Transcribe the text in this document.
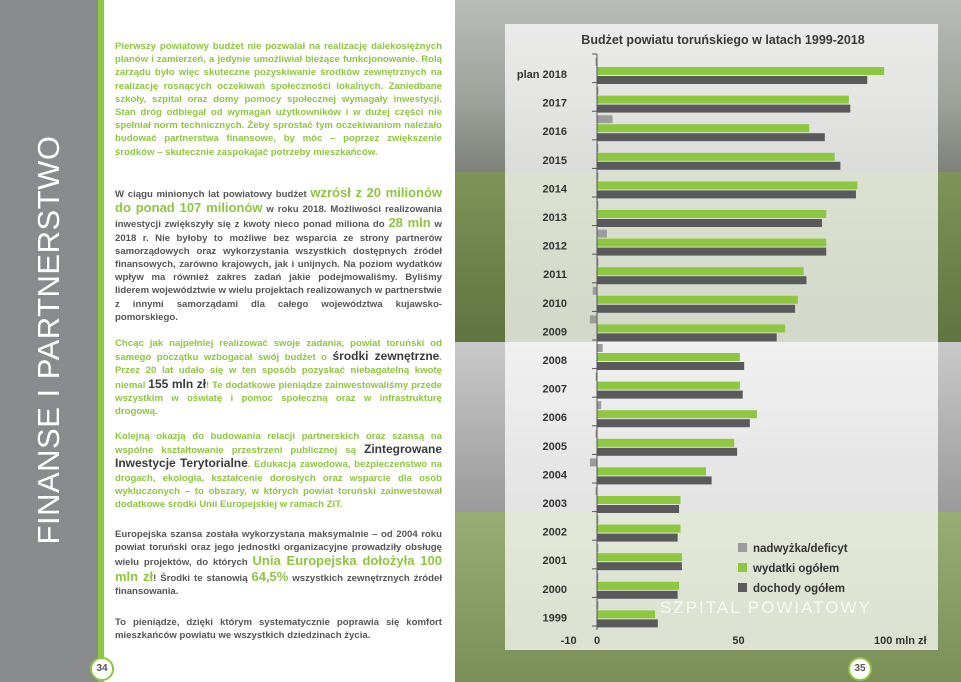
FINANSE I PARTNERSTWO
34
Pierwszy powiatowy budżet nie pozwalał na realizację dalekosiężnych planów i zamierzeń, a jedynie umożliwiał bieżące funkcjonowanie. Rolą zarządu było więc skuteczne pozyskiwanie środków zewnętrznych na realizację rosnących oczekiwań społeczności lokalnych. Zaniedbane szkoły, szpital oraz domy pomocy społecznej wymagały inwestycji. Stan dróg odbiegał od wymagań użytkowników i w dużej części nie spełniał norm technicznych. Żeby sprostać tym oczekiwaniom należało budować partnerstwa finansowe, by móc – poprzez zwiększenie środków – skutecznie zaspokajać potrzeby mieszkańców.
W ciągu minionych lat powiatowy budżet wzrósł z 20 milionów do ponad 107 milionów w roku 2018. Możliwości realizowania inwestycji zwiększyły się z kwoty nieco ponad miliona do 28 mln w 2018 r. Nie byłoby to możliwe bez wsparcia ze strony partnerów samorządowych oraz wykorzystania wszystkich dostępnych źródeł finansowych, zarówno krajowych, jak i unijnych. Na poziom wydatków wpływ ma również zakres zadań jakie podejmowaliśmy. Byliśmy liderem województwie w wielu projektach realizowanych w partnerstwie z innymi samorządami dla całego województwa kujawsko-pomorskiego.
Chcąc jak najpełniej realizować swoje zadania, powiat toruński od samego początku wzbogacał swój budżet o środki zewnętrzne. Przez 20 lat udało się w ten sposób pozyskać niebagatelną kwotę niemal 155 mln zł! Te dodatkowe pieniądze zainwestowaliśmy przede wszystkim w oświatę i pomoc społeczną oraz w infrastrukturę drogową.
Kolejną okazją do budowania relacji partnerskich oraz szansą na wspólne kształtowanie przestrzeni publicznej są Zintegrowane Inwestycje Terytorialne. Edukacja zawodowa, bezpieczeństwo na drogach, ekologia, kształcenie dorosłych oraz wsparcie dla osób wykluczonych – to obszary, w których powiat toruński zainwestował dodatkowe środki Unii Europejskiej w ramach ZIT.
Europejska szansa została wykorzystana maksymalnie – od 2004 roku powiat toruński oraz jego jednostki organizacyjne prowadziły obsługę wielu projektów, do których Unia Europejska dołożyła 100 mln zł! Środki te stanowią 64,5% wszystkich zewnętrznych źródeł finansowania.
To pieniądze, dzięki którym systematycznie poprawia się komfort mieszkańców powiatu we wszystkich dziedzinach życia.
Budżet powiatu toruńskiego w latach 1999-2018
plan 2018
2017
2016
2015
2014
2013
2012
2011
2010
2009
2008
2007
2006
2005
2004
2003
2002
2001
2000
1999
-10 0	50	100 mln zł
nadwyżka/deficyt
wydatki ogółem
dochody ogółem
35
